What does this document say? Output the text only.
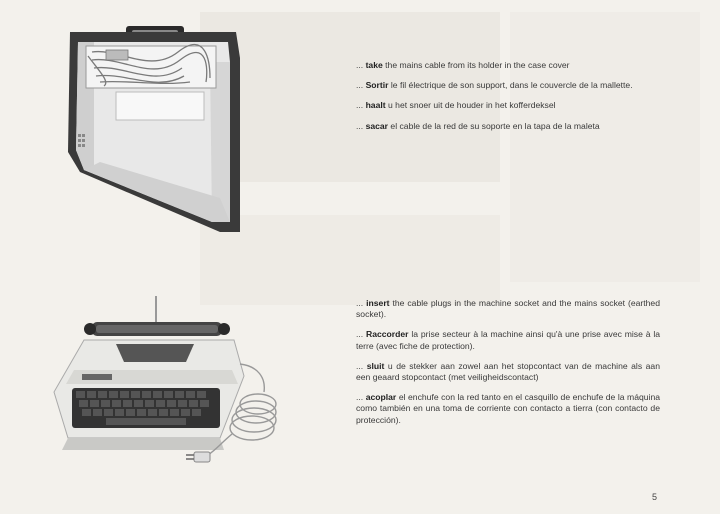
... take the mains cable from its holder in the case cover

... Sortir le fil électrique de son support, dans le couvercle de la mallette.

... haalt u het snoer uit de houder in het kofferdeksel

... sacar el cable de la red de su soporte en la tapa de la maleta

... insert the cable plugs in the machine socket and the mains socket (earthed socket).

... Raccorder la prise secteur à la machine ainsi qu'à une prise avec mise à la terre (avec fiche de protection).

... sluit u de stekker aan zowel aan het stopcontact van de machine als aan een geaard stopcontact (met veiligheidscontact)

... acoplar el enchufe con la red tanto en el casquillo de enchufe de la máquina como también en una toma de corriente con contacto a tierra (con contacto de protección).

5
